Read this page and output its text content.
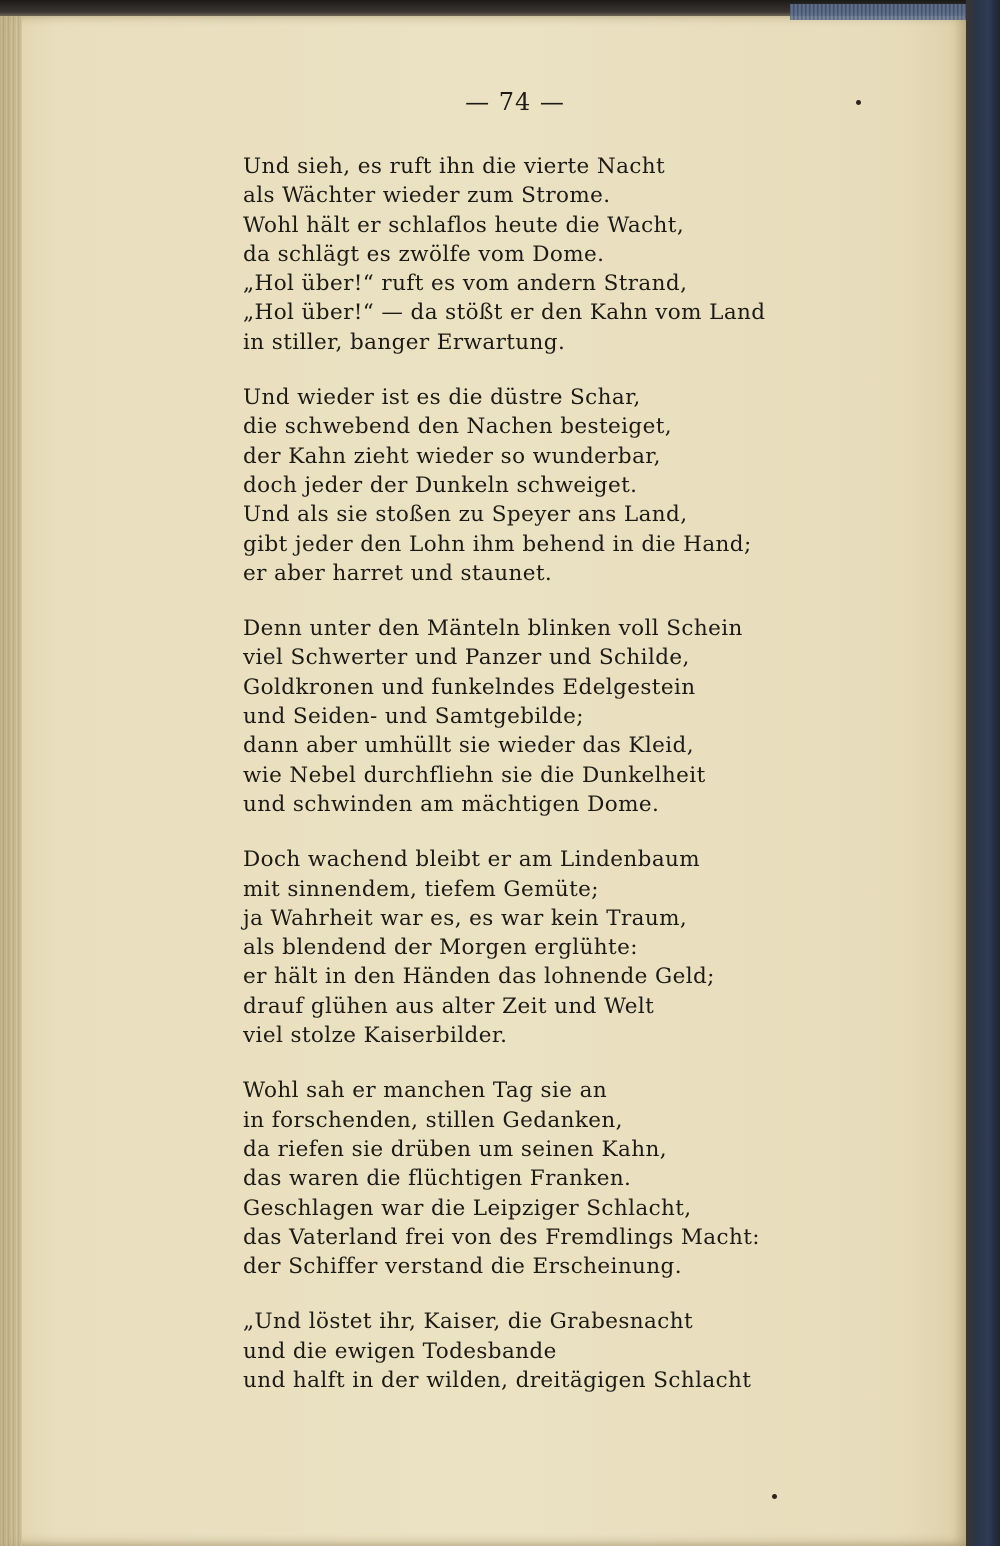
— 74 —
Und sieh, es ruft ihn die vierte Nacht
als Wächter wieder zum Strome.
Wohl hält er schlaflos heute die Wacht,
da schlägt es zwölfe vom Dome.
„Hol über!“ ruft es vom andern Strand,
„Hol über!“ — da stößt er den Kahn vom Land
in stiller, banger Erwartung.
Und wieder ist es die düstre Schar,
die schwebend den Nachen besteiget,
der Kahn zieht wieder so wunderbar,
doch jeder der Dunkeln schweiget.
Und als sie stoßen zu Speyer ans Land,
gibt jeder den Lohn ihm behend in die Hand;
er aber harret und staunet.
Denn unter den Mänteln blinken voll Schein
viel Schwerter und Panzer und Schilde,
Goldkronen und funkelndes Edelgestein
und Seiden- und Samtgebilde;
dann aber umhüllt sie wieder das Kleid,
wie Nebel durchfliehn sie die Dunkelheit
und schwinden am mächtigen Dome.
Doch wachend bleibt er am Lindenbaum
mit sinnendem, tiefem Gemüte;
ja Wahrheit war es, es war kein Traum,
als blendend der Morgen erglühte:
er hält in den Händen das lohnende Geld;
drauf glühen aus alter Zeit und Welt
viel stolze Kaiserbilder.
Wohl sah er manchen Tag sie an
in forschenden, stillen Gedanken,
da riefen sie drüben um seinen Kahn,
das waren die flüchtigen Franken.
Geschlagen war die Leipziger Schlacht,
das Vaterland frei von des Fremdlings Macht:
der Schiffer verstand die Erscheinung.
„Und löstet ihr, Kaiser, die Grabesnacht
und die ewigen Todesbande
und halft in der wilden, dreitägigen Schlacht
